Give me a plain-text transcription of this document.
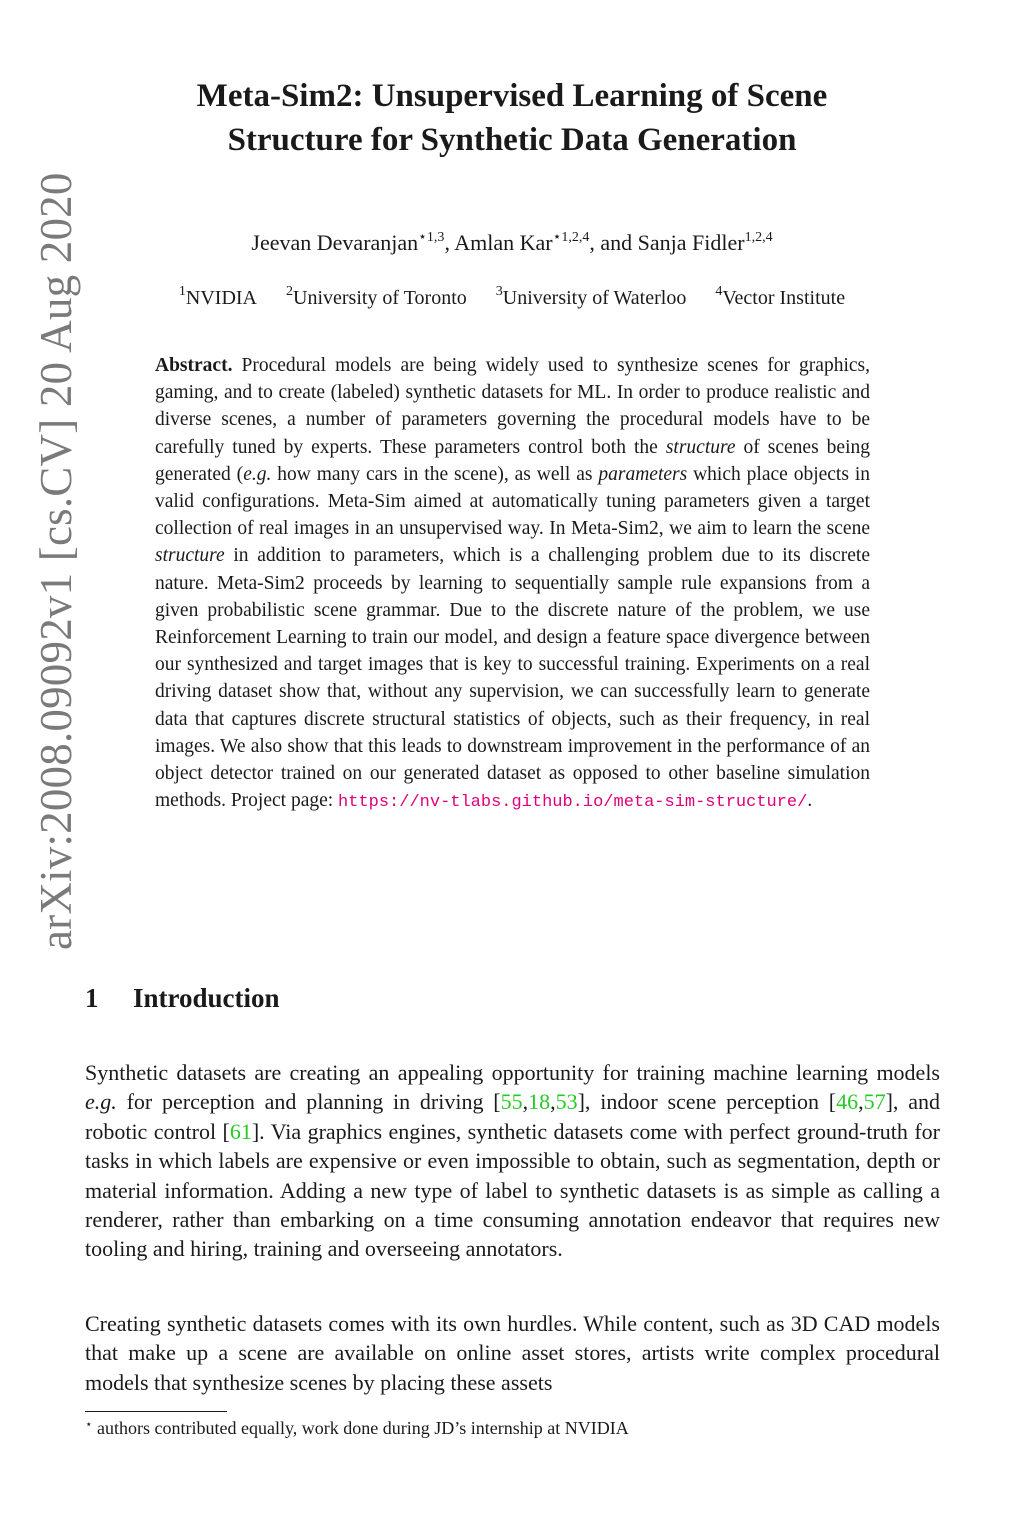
arXiv:2008.09092v1 [cs.CV] 20 Aug 2020
Meta-Sim2: Unsupervised Learning of Scene
Structure for Synthetic Data Generation
Jeevan Devaranjan$^{⋆1,3}$, Amlan Kar$^{⋆1,2,4}$, and Sanja Fidler$^{1,2,4}$
$^1$NVIDIA $^2$University of Toronto $^3$University of Waterloo $^4$Vector Institute
Abstract. Procedural models are being widely used to synthesize scenes for graphics, gaming, and to create (labeled) synthetic datasets for ML. In order to produce realistic and diverse scenes, a number of parameters governing the procedural models have to be carefully tuned by experts. These parameters control both the structure of scenes being generated (e.g. how many cars in the scene), as well as parameters which place objects in valid configurations. Meta-Sim aimed at automatically tuning parameters given a target collection of real images in an unsupervised way. In Meta-Sim2, we aim to learn the scene structure in addition to parameters, which is a challenging problem due to its discrete nature. Meta-Sim2 proceeds by learning to sequentially sample rule expansions from a given probabilistic scene grammar. Due to the discrete nature of the problem, we use Reinforcement Learning to train our model, and design a feature space divergence between our synthesized and target images that is key to successful training. Experiments on a real driving dataset show that, without any supervision, we can successfully learn to generate data that captures discrete structural statistics of objects, such as their frequency, in real images. We also show that this leads to downstream improvement in the performance of an object detector trained on our generated dataset as opposed to other baseline simulation methods. Project page: https://nv-tlabs.github.io/meta-sim-structure/.
1 Introduction
Synthetic datasets are creating an appealing opportunity for training machine learning models e.g. for perception and planning in driving [55,18,53], indoor scene perception [46,57], and robotic control [61]. Via graphics engines, synthetic datasets come with perfect ground-truth for tasks in which labels are expensive or even impossible to obtain, such as segmentation, depth or material information. Adding a new type of label to synthetic datasets is as simple as calling a renderer, rather than embarking on a time consuming annotation endeavor that requires new tooling and hiring, training and overseeing annotators.
Creating synthetic datasets comes with its own hurdles. While content, such as 3D CAD models that make up a scene are available on online asset stores, artists write complex procedural models that synthesize scenes by placing these assets
⋆ authors contributed equally, work done during JD’s internship at NVIDIA
